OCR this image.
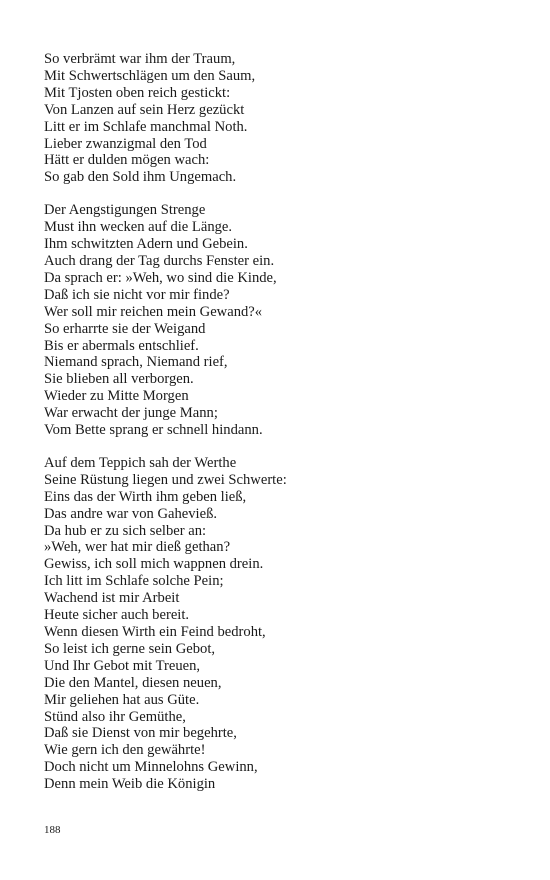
So verbrämt war ihm der Traum,
Mit Schwertschlägen um den Saum,
Mit Tjosten oben reich gestickt:
Von Lanzen auf sein Herz gezückt
Litt er im Schlafe manchmal Noth.
Lieber zwanzigmal den Tod
Hätt er dulden mögen wach:
So gab den Sold ihm Ungemach.
Der Aengstigungen Strenge
Must ihn wecken auf die Länge.
Ihm schwitzten Adern und Gebein.
Auch drang der Tag durchs Fenster ein.
Da sprach er: »Weh, wo sind die Kinde,
Daß ich sie nicht vor mir finde?
Wer soll mir reichen mein Gewand?«
So erharrte sie der Weigand
Bis er abermals entschlief.
Niemand sprach, Niemand rief,
Sie blieben all verborgen.
Wieder zu Mitte Morgen
War erwacht der junge Mann;
Vom Bette sprang er schnell hindann.
Auf dem Teppich sah der Werthe
Seine Rüstung liegen und zwei Schwerte:
Eins das der Wirth ihm geben ließ,
Das andre war von Gahevieß.
Da hub er zu sich selber an:
»Weh, wer hat mir dieß gethan?
Gewiss, ich soll mich wappnen drein.
Ich litt im Schlafe solche Pein;
Wachend ist mir Arbeit
Heute sicher auch bereit.
Wenn diesen Wirth ein Feind bedroht,
So leist ich gerne sein Gebot,
Und Ihr Gebot mit Treuen,
Die den Mantel, diesen neuen,
Mir geliehen hat aus Güte.
Stünd also ihr Gemüthe,
Daß sie Dienst von mir begehrte,
Wie gern ich den gewährte!
Doch nicht um Minnelohns Gewinn,
Denn mein Weib die Königin
188
